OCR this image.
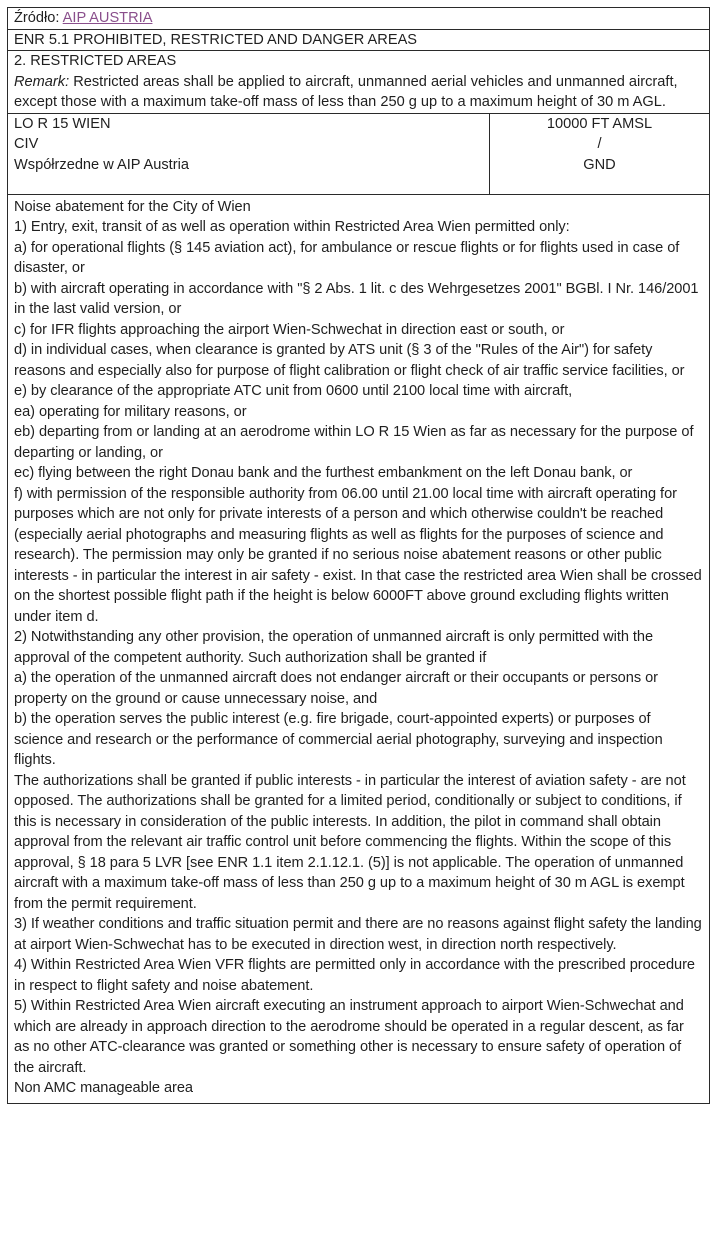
Źródło: AIP AUSTRIA
ENR 5.1 PROHIBITED, RESTRICTED AND DANGER AREAS
2. RESTRICTED AREAS
Remark: Restricted areas shall be applied to aircraft, unmanned aerial vehicles and unmanned aircraft, except those with a maximum take-off mass of less than 250 g up to a maximum height of 30 m AGL.
LO R 15 WIEN
CIV
Współrzedne w AIP Austria
10000 FT AMSL
/
GND
Noise abatement for the City of Wien
1) Entry, exit, transit of as well as operation within Restricted Area Wien permitted only:
a) for operational flights (§ 145 aviation act), for ambulance or rescue flights or for flights used in case of disaster, or
b) with aircraft operating in accordance with "§ 2 Abs. 1 lit. c des Wehrgesetzes 2001" BGBl. I Nr. 146/2001 in the last valid version, or
c) for IFR flights approaching the airport Wien-Schwechat in direction east or south, or
d) in individual cases, when clearance is granted by ATS unit (§ 3 of the "Rules of the Air") for safety reasons and especially also for purpose of flight calibration or flight check of air traffic service facilities, or
e) by clearance of the appropriate ATC unit from 0600 until 2100 local time with aircraft,
ea) operating for military reasons, or
eb) departing from or landing at an aerodrome within LO R 15 Wien as far as necessary for the purpose of departing or landing, or
ec) flying between the right Donau bank and the furthest embankment on the left Donau bank, or
f) with permission of the responsible authority from 06.00 until 21.00 local time with aircraft operating for purposes which are not only for private interests of a person and which otherwise couldn't be reached (especially aerial photographs and measuring flights as well as flights for the purposes of science and research). The permission may only be granted if no serious noise abatement reasons or other public interests - in particular the interest in air safety - exist. In that case the restricted area Wien shall be crossed on the shortest possible flight path if the height is below 6000FT above ground excluding flights written under item d.
2) Notwithstanding any other provision, the operation of unmanned aircraft is only permitted with the approval of the competent authority. Such authorization shall be granted if
a) the operation of the unmanned aircraft does not endanger aircraft or their occupants or persons or property on the ground or cause unnecessary noise, and
b) the operation serves the public interest (e.g. fire brigade, court-appointed experts) or purposes of science and research or the performance of commercial aerial photography, surveying and inspection flights.
The authorizations shall be granted if public interests - in particular the interest of aviation safety - are not opposed. The authorizations shall be granted for a limited period, conditionally or subject to conditions, if this is necessary in consideration of the public interests. In addition, the pilot in command shall obtain approval from the relevant air traffic control unit before commencing the flights. Within the scope of this approval, § 18 para 5 LVR [see ENR 1.1 item 2.1.12.1. (5)] is not applicable. The operation of unmanned aircraft with a maximum take-off mass of less than 250 g up to a maximum height of 30 m AGL is exempt from the permit requirement.
3) If weather conditions and traffic situation permit and there are no reasons against flight safety the landing at airport Wien-Schwechat has to be executed in direction west, in direction north respectively.
4) Within Restricted Area Wien VFR flights are permitted only in accordance with the prescribed procedure in respect to flight safety and noise abatement.
5) Within Restricted Area Wien aircraft executing an instrument approach to airport Wien-Schwechat and which are already in approach direction to the aerodrome should be operated in a regular descent, as far as no other ATC-clearance was granted or something other is necessary to ensure safety of operation of the aircraft.
Non AMC manageable area
